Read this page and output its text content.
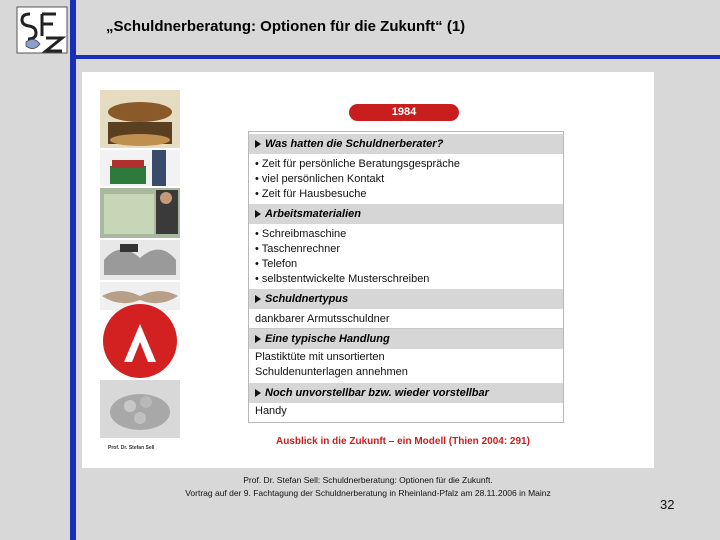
„Schuldnerberatung: Optionen für die Zukunft“ (1)
Prof. Dr. Stefan Sell
1984
Was hatten die Schuldnerberater?
• Zeit für persönliche Beratungsgespräche
• viel persönlichen Kontakt
• Zeit für Hausbesuche
Arbeitsmaterialien
• Schreibmaschine
• Taschenrechner
• Telefon
• selbstentwickelte Musterschreiben
Schuldnertypus
dankbarer Armutsschuldner
Eine typische Handlung
Plastiktüte mit unsortierten
Schuldenunterlagen annehmen
Noch unvorstellbar bzw. wieder vorstellbar
Handy
Ausblick in die Zukunft – ein Modell (Thien 2004: 291)
Prof. Dr. Stefan Sell: Schuldnerberatung: Optionen für die Zukunft.
Vortrag auf der 9. Fachtagung der Schuldnerberatung in Rheinland-Pfalz am 28.11.2006 in Mainz
32
